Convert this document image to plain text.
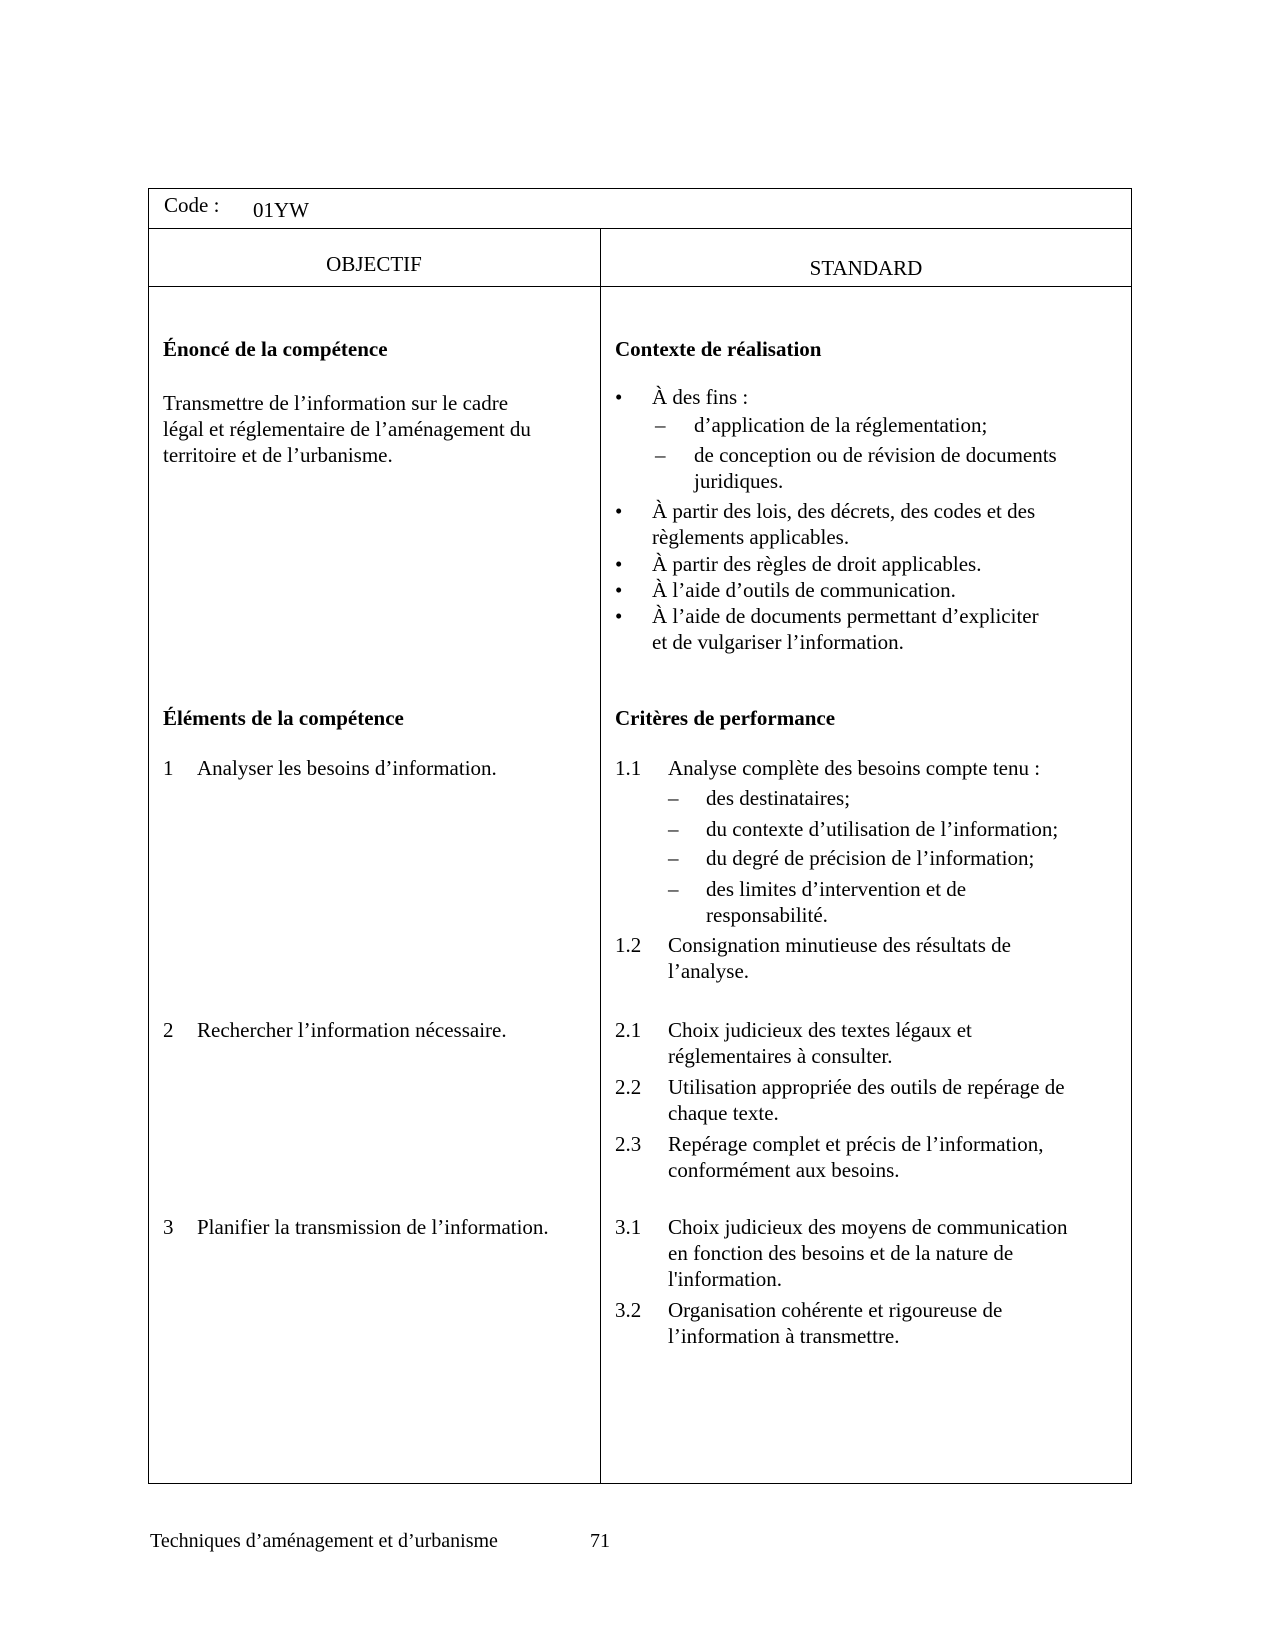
Code : 01YW
OBJECTIF	STANDARD
Énoncé de la compétence
Transmettre de l’information sur le cadre
légal et réglementaire de l’aménagement du
territoire et de l’urbanisme.
Éléments de la compétence
1 Analyser les besoins d’information.
2 Rechercher l’information nécessaire.
3 Planifier la transmission de l’information.
Contexte de réalisation
• À des fins :
– d’application de la réglementation;
– de conception ou de révision de documents
juridiques.
• À partir des lois, des décrets, des codes et des
règlements applicables.
• À partir des règles de droit applicables.
• À l’aide d’outils de communication.
• À l’aide de documents permettant d’expliciter
et de vulgariser l’information.
Critères de performance
1.1 Analyse complète des besoins compte tenu :
– des destinataires;
– du contexte d’utilisation de l’information;
– du degré de précision de l’information;
– des limites d’intervention et de
responsabilité.
1.2 Consignation minutieuse des résultats de
l’analyse.
2.1 Choix judicieux des textes légaux et
réglementaires à consulter.
2.2 Utilisation appropriée des outils de repérage de
chaque texte.
2.3 Repérage complet et précis de l’information,
conformément aux besoins.
3.1 Choix judicieux des moyens de communication
en fonction des besoins et de la nature de
l'information.
3.2 Organisation cohérente et rigoureuse de
l’information à transmettre.
Techniques d’aménagement et d’urbanisme	71
